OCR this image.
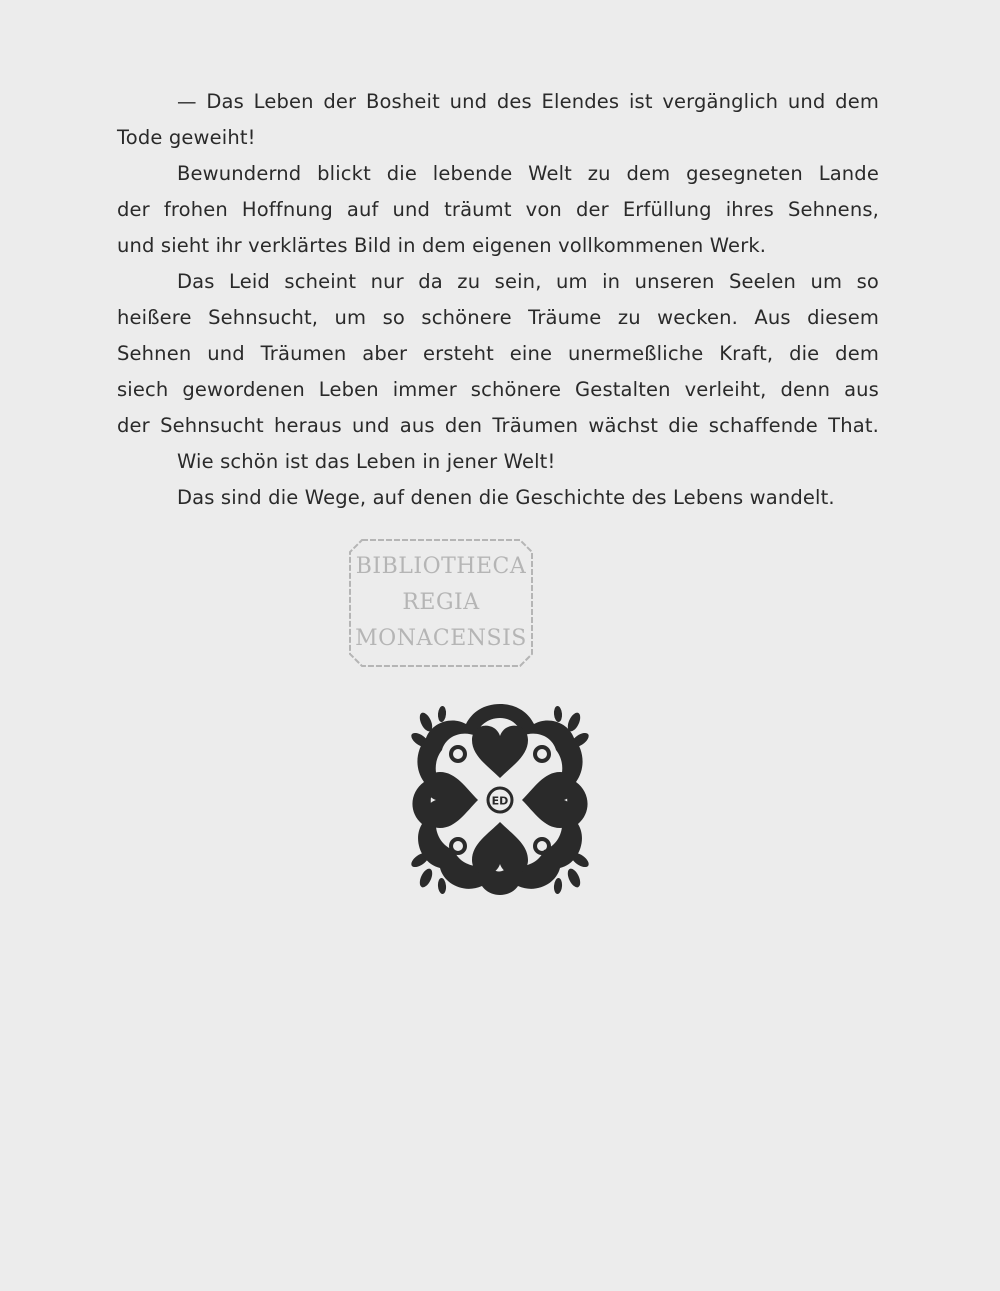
— Das Leben der Bosheit und des Elendes ist vergänglich und dem
Tode geweiht!
Bewundernd blickt die lebende Welt zu dem gesegneten Lande
der frohen Hoffnung auf und träumt von der Erfüllung ihres Sehnens,
und sieht ihr verklärtes Bild in dem eigenen vollkommenen Werk.
Das Leid scheint nur da zu sein, um in unseren Seelen um so
heißere Sehnsucht, um so schönere Träume zu wecken. Aus diesem
Sehnen und Träumen aber ersteht eine unermeßliche Kraft, die dem
siech gewordenen Leben immer schönere Gestalten verleiht, denn aus
der Sehnsucht heraus und aus den Träumen wächst die schaffende That.
Wie schön ist das Leben in jener Welt!
Das sind die Wege, auf denen die Geschichte des Lebens wandelt.
BIBLIOTHECA
REGIA
MONACENSIS
ED
